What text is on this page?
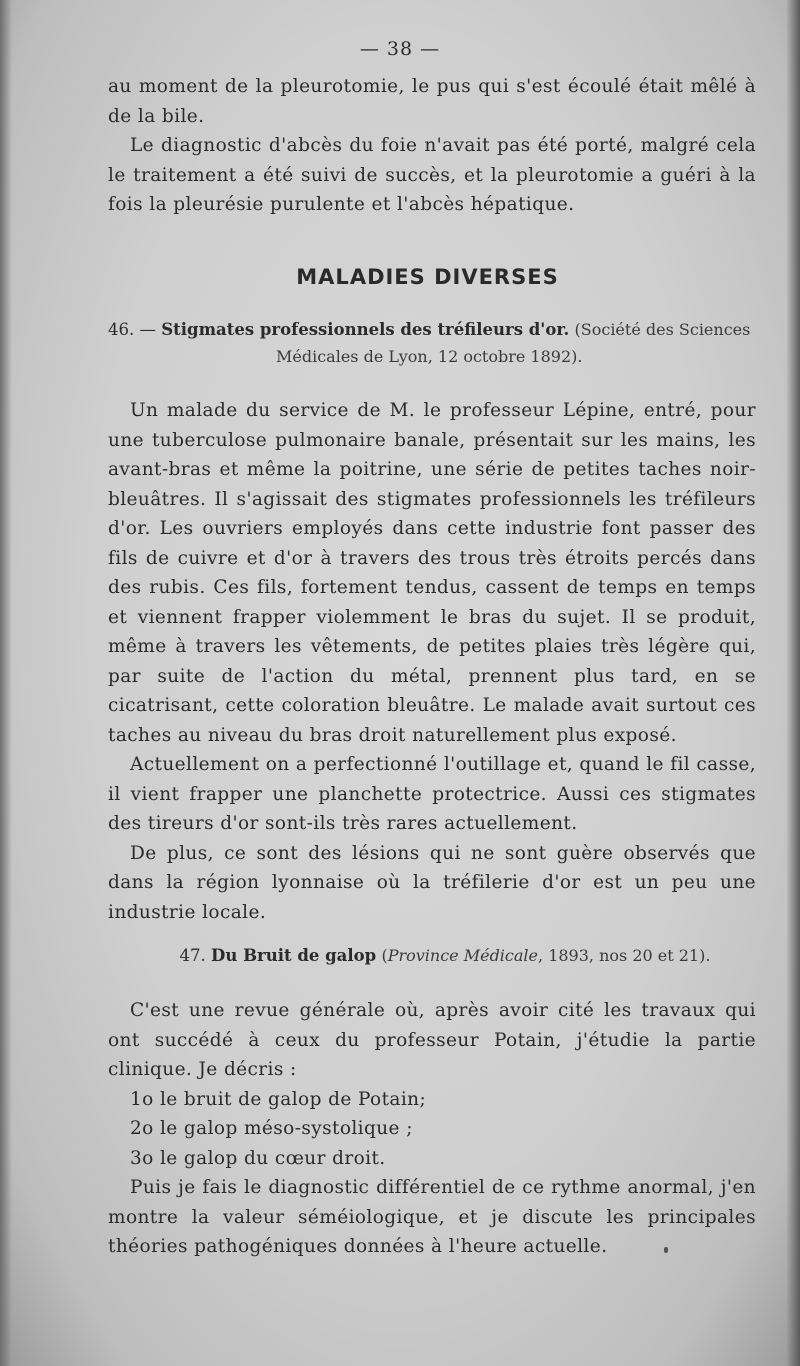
— 38 —

au moment de la pleurotomie, le pus qui s'est écoulé était mêlé à de la bile.

Le diagnostic d'abcès du foie n'avait pas été porté, malgré cela le traitement a été suivi de succès, et la pleurotomie a guéri à la fois la pleurésie purulente et l'abcès hépatique.

MALADIES DIVERSES
46. — Stigmates professionnels des tréfileurs d'or. (Société des Sciences
Médicales de Lyon, 12 octobre 1892).

Un malade du service de M. le professeur Lépine, entré, pour une tuberculose pulmonaire banale, présentait sur les mains, les avant-bras et même la poitrine, une série de petites taches noir-bleuâtres. Il s'agissait des stigmates professionnels les tréfileurs d'or. Les ouvriers employés dans cette industrie font passer des fils de cuivre et d'or à travers des trous très étroits percés dans des rubis. Ces fils, fortement tendus, cassent de temps en temps et viennent frapper violemment le bras du sujet. Il se produit, même à travers les vêtements, de petites plaies très légère qui, par suite de l'action du métal, prennent plus tard, en se cicatrisant, cette coloration bleuâtre. Le malade avait surtout ces taches au niveau du bras droit naturellement plus exposé.

Actuellement on a perfectionné l'outillage et, quand le fil casse, il vient frapper une planchette protectrice. Aussi ces stigmates des tireurs d'or sont-ils très rares actuellement.

De plus, ce sont des lésions qui ne sont guère observés que dans la région lyonnaise où la tréfilerie d'or est un peu une industrie locale.

47. Du Bruit de galop (Province Médicale, 1893, nos 20 et 21).

C'est une revue générale où, après avoir cité les travaux qui ont succédé à ceux du professeur Potain, j'étudie la partie clinique. Je décris :

1o le bruit de galop de Potain;

2o le galop méso-systolique ;

3o le galop du cœur droit.

Puis je fais le diagnostic différentiel de ce rythme anormal, j'en montre la valeur séméiologique, et je discute les principales théories pathogéniques données à l'heure actuelle.
